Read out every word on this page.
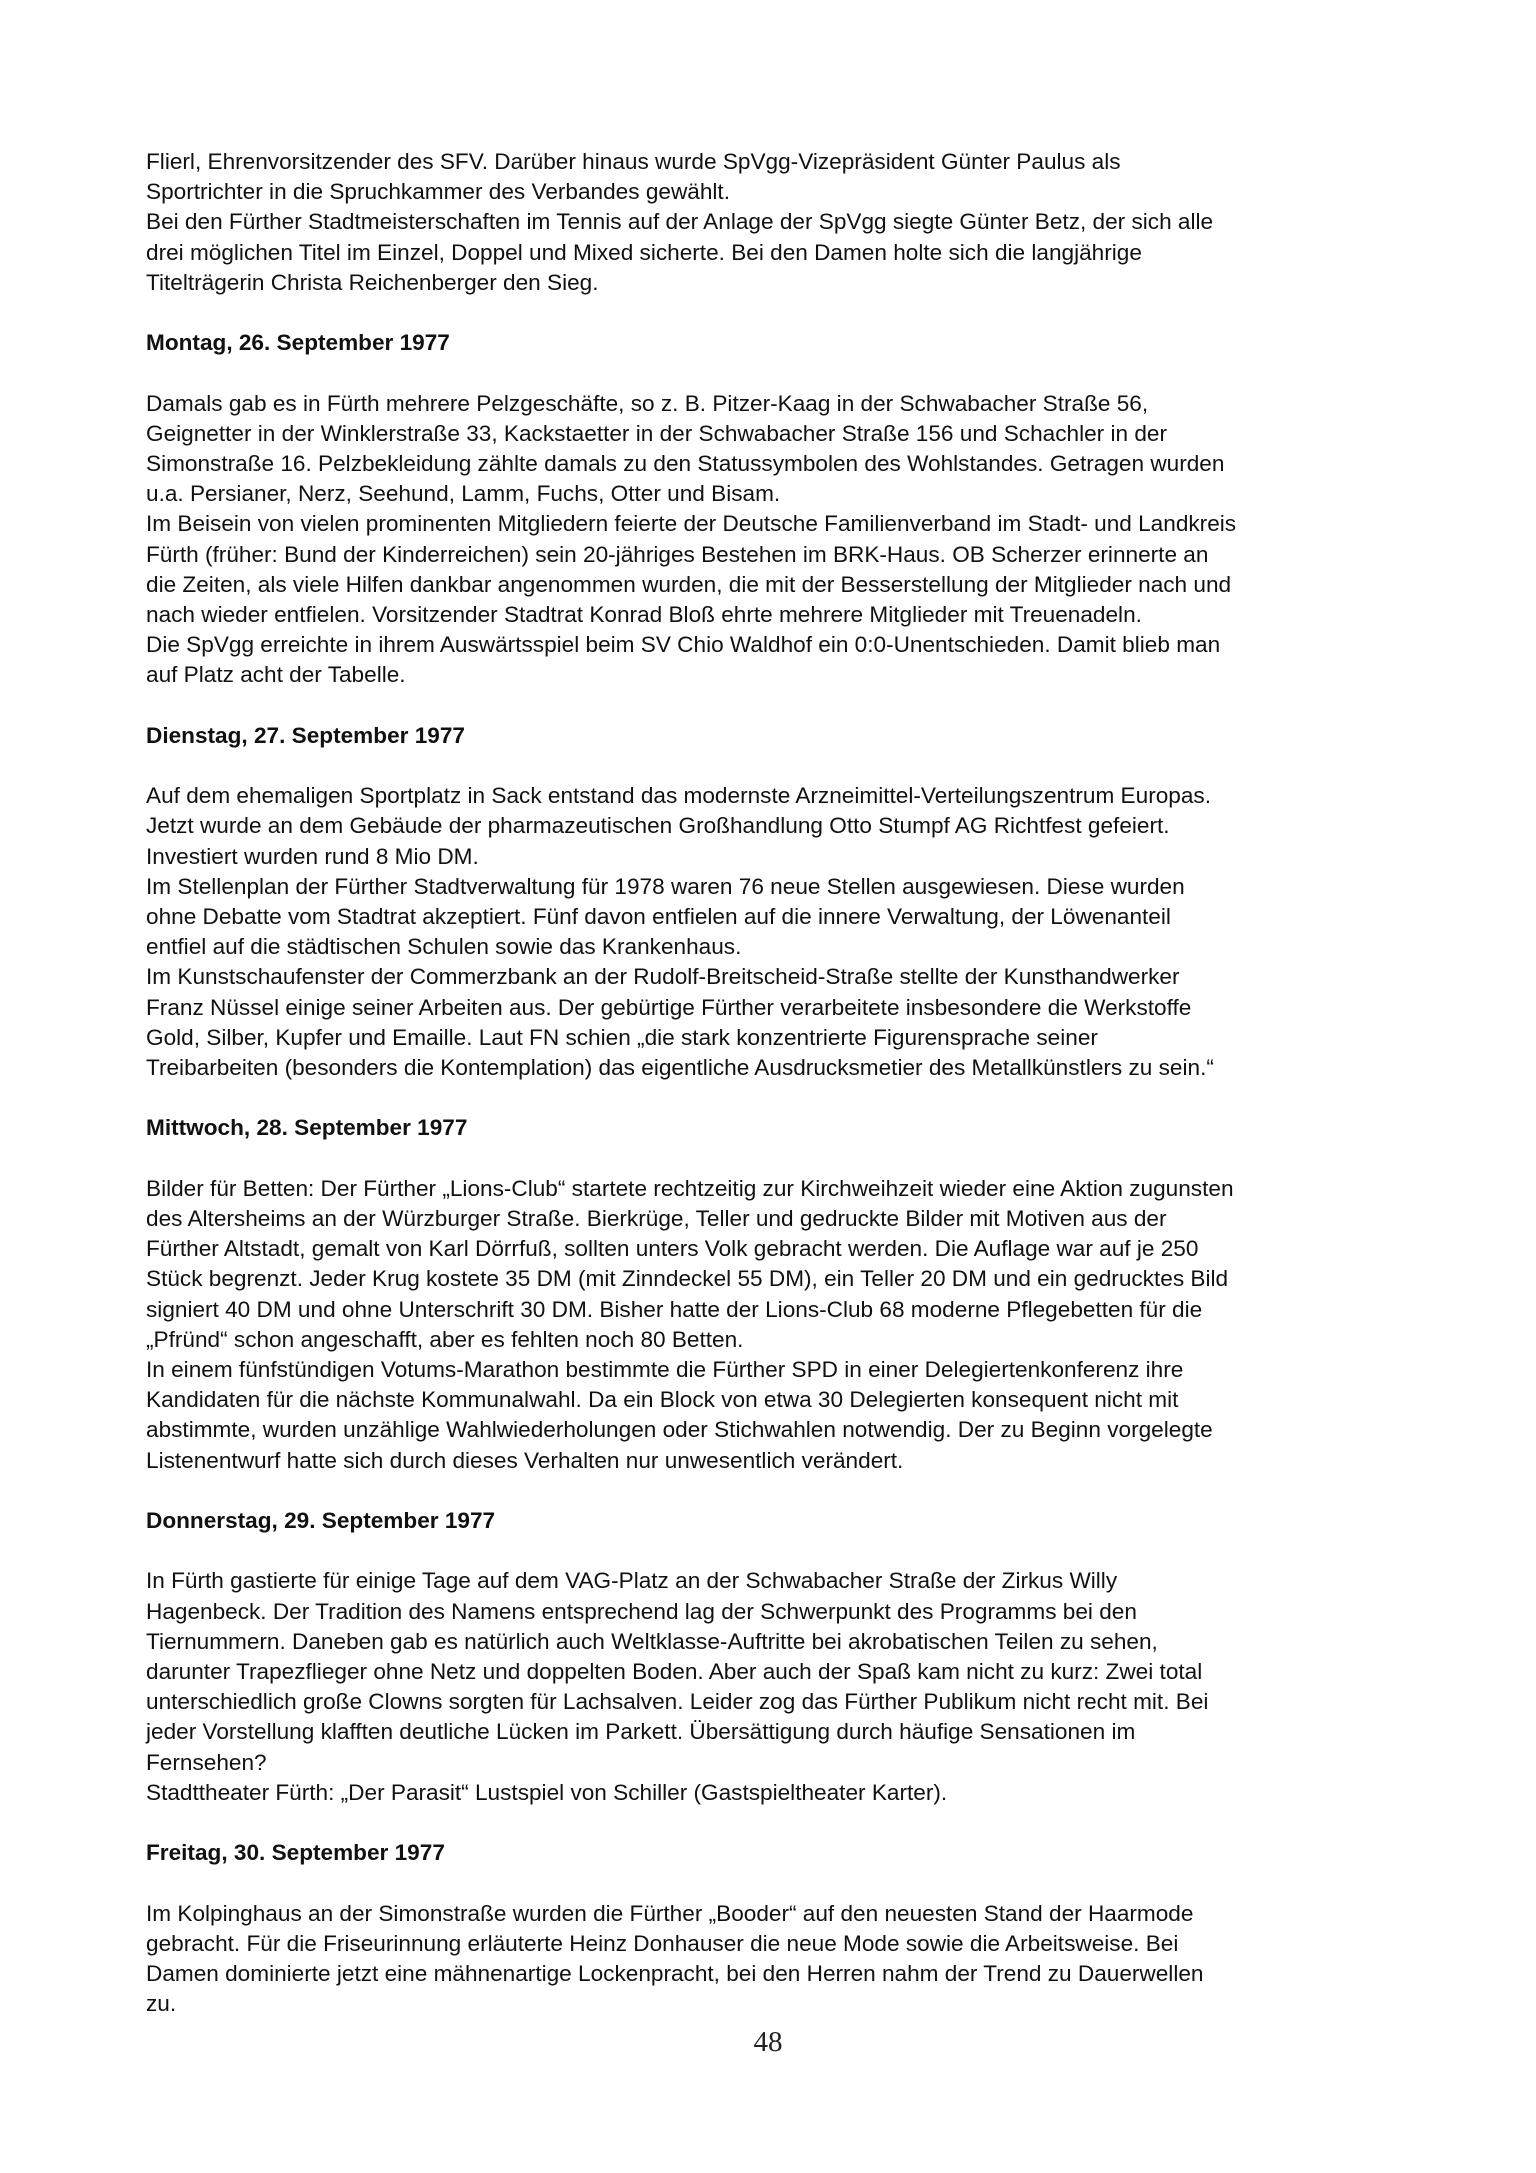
Flierl, Ehrenvorsitzender des SFV. Darüber hinaus wurde SpVgg-Vizepräsident Günter Paulus als

Sportrichter in die Spruchkammer des Verbandes gewählt.

Bei den Fürther Stadtmeisterschaften im Tennis auf der Anlage der SpVgg siegte Günter Betz, der sich alle

drei möglichen Titel im Einzel, Doppel und Mixed sicherte. Bei den Damen holte sich die langjährige

Titelträgerin Christa Reichenberger den Sieg.

Montag, 26. September 1977

Damals gab es in Fürth mehrere Pelzgeschäfte, so z. B. Pitzer-Kaag in der Schwabacher Straße 56,

Geignetter in der Winklerstraße 33, Kackstaetter in der Schwabacher Straße 156 und Schachler in der

Simonstraße 16. Pelzbekleidung zählte damals zu den Statussymbolen des Wohlstandes. Getragen wurden

u.a. Persianer, Nerz, Seehund, Lamm, Fuchs, Otter und Bisam.

Im Beisein von vielen prominenten Mitgliedern feierte der Deutsche Familienverband im Stadt- und Landkreis

Fürth (früher: Bund der Kinderreichen) sein 20-jähriges Bestehen im BRK-Haus. OB Scherzer erinnerte an

die Zeiten, als viele Hilfen dankbar angenommen wurden, die mit der Besserstellung der Mitglieder nach und

nach wieder entfielen. Vorsitzender Stadtrat Konrad Bloß ehrte mehrere Mitglieder mit Treuenadeln.

Die SpVgg erreichte in ihrem Auswärtsspiel beim SV Chio Waldhof ein 0:0-Unentschieden. Damit blieb man

auf Platz acht der Tabelle.

Dienstag, 27. September 1977

Auf dem ehemaligen Sportplatz in Sack entstand das modernste Arzneimittel-Verteilungszentrum Europas.

Jetzt wurde an dem Gebäude der pharmazeutischen Großhandlung Otto Stumpf AG Richtfest gefeiert.

Investiert wurden rund 8 Mio DM.

Im Stellenplan der Fürther Stadtverwaltung für 1978 waren 76 neue Stellen ausgewiesen. Diese wurden

ohne Debatte vom Stadtrat akzeptiert. Fünf davon entfielen auf die innere Verwaltung, der Löwenanteil

entfiel auf die städtischen Schulen sowie das Krankenhaus.

Im Kunstschaufenster der Commerzbank an der Rudolf-Breitscheid-Straße stellte der Kunsthandwerker

Franz Nüssel einige seiner Arbeiten aus. Der gebürtige Fürther verarbeitete insbesondere die Werkstoffe

Gold, Silber, Kupfer und Emaille. Laut FN schien „die stark konzentrierte Figurensprache seiner

Treibarbeiten (besonders die Kontemplation) das eigentliche Ausdrucksmetier des Metallkünstlers zu sein.“

Mittwoch, 28. September 1977

Bilder für Betten: Der Fürther „Lions-Club“ startete rechtzeitig zur Kirchweihzeit wieder eine Aktion zugunsten

des Altersheims an der Würzburger Straße. Bierkrüge, Teller und gedruckte Bilder mit Motiven aus der

Fürther Altstadt, gemalt von Karl Dörrfuß, sollten unters Volk gebracht werden. Die Auflage war auf je 250

Stück begrenzt. Jeder Krug kostete 35 DM (mit Zinndeckel 55 DM), ein Teller 20 DM und ein gedrucktes Bild

signiert 40 DM und ohne Unterschrift 30 DM. Bisher hatte der Lions-Club 68 moderne Pflegebetten für die

„Pfründ“ schon angeschafft, aber es fehlten noch 80 Betten.

In einem fünfstündigen Votums-Marathon bestimmte die Fürther SPD in einer Delegiertenkonferenz ihre

Kandidaten für die nächste Kommunalwahl. Da ein Block von etwa 30 Delegierten konsequent nicht mit

abstimmte, wurden unzählige Wahlwiederholungen oder Stichwahlen notwendig. Der zu Beginn vorgelegte

Listenentwurf hatte sich durch dieses Verhalten nur unwesentlich verändert.

Donnerstag, 29. September 1977

In Fürth gastierte für einige Tage auf dem VAG-Platz an der Schwabacher Straße der Zirkus Willy

Hagenbeck. Der Tradition des Namens entsprechend lag der Schwerpunkt des Programms bei den

Tiernummern. Daneben gab es natürlich auch Weltklasse-Auftritte bei akrobatischen Teilen zu sehen,

darunter Trapezflieger ohne Netz und doppelten Boden. Aber auch der Spaß kam nicht zu kurz: Zwei total

unterschiedlich große Clowns sorgten für Lachsalven. Leider zog das Fürther Publikum nicht recht mit. Bei

jeder Vorstellung klafften deutliche Lücken im Parkett. Übersättigung durch häufige Sensationen im

Fernsehen?

Stadttheater Fürth: „Der Parasit“ Lustspiel von Schiller (Gastspieltheater Karter).

Freitag, 30. September 1977

Im Kolpinghaus an der Simonstraße wurden die Fürther „Booder“ auf den neuesten Stand der Haarmode

gebracht. Für die Friseurinnung erläuterte Heinz Donhauser die neue Mode sowie die Arbeitsweise. Bei

Damen dominierte jetzt eine mähnenartige Lockenpracht, bei den Herren nahm der Trend zu Dauerwellen

zu.

48
